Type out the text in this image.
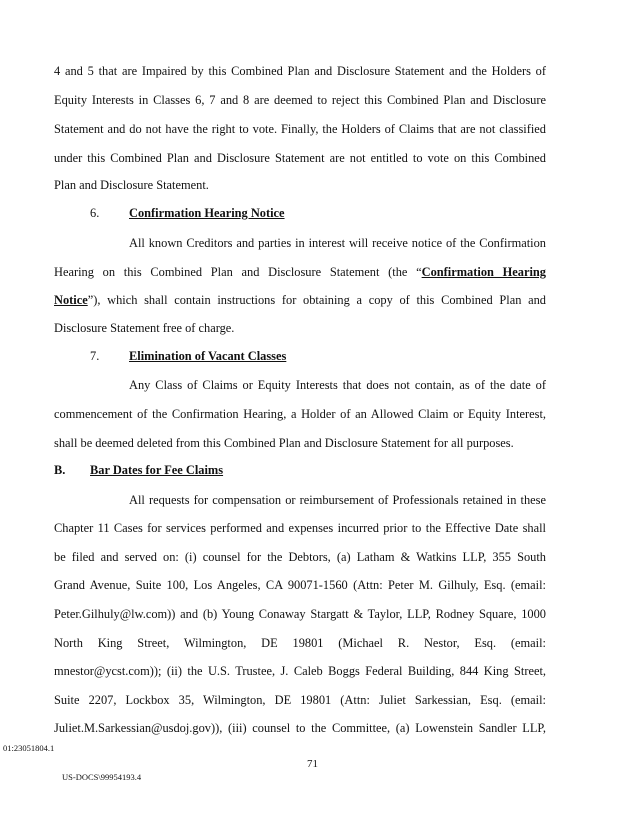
4 and 5 that are Impaired by this Combined Plan and Disclosure Statement and the Holders of
Equity Interests in Classes 6, 7 and 8 are deemed to reject this Combined Plan and Disclosure
Statement and do not have the right to vote. Finally, the Holders of Claims that are not classified
under this Combined Plan and Disclosure Statement are not entitled to vote on this Combined
Plan and Disclosure Statement.
6. Confirmation Hearing Notice
All known Creditors and parties in interest will receive notice of the Confirmation
Hearing on this Combined Plan and Disclosure Statement (the “Confirmation Hearing
Notice”), which shall contain instructions for obtaining a copy of this Combined Plan and
Disclosure Statement free of charge.
7. Elimination of Vacant Classes
Any Class of Claims or Equity Interests that does not contain, as of the date of
commencement of the Confirmation Hearing, a Holder of an Allowed Claim or Equity Interest,
shall be deemed deleted from this Combined Plan and Disclosure Statement for all purposes.
B. Bar Dates for Fee Claims
All requests for compensation or reimbursement of Professionals retained in these
Chapter 11 Cases for services performed and expenses incurred prior to the Effective Date shall
be filed and served on: (i) counsel for the Debtors, (a) Latham & Watkins LLP, 355 South
Grand Avenue, Suite 100, Los Angeles, CA 90071-1560 (Attn: Peter M. Gilhuly, Esq. (email:
Peter.Gilhuly@lw.com)) and (b) Young Conaway Stargatt & Taylor, LLP, Rodney Square, 1000
North King Street, Wilmington, DE 19801 (Michael R. Nestor, Esq. (email:
mnestor@ycst.com)); (ii) the U.S. Trustee, J. Caleb Boggs Federal Building, 844 King Street,
Suite 2207, Lockbox 35, Wilmington, DE 19801 (Attn: Juliet Sarkessian, Esq. (email:
Juliet.M.Sarkessian@usdoj.gov)), (iii) counsel to the Committee, (a) Lowenstein Sandler LLP,
01:23051804.1
71
US-DOCS\99954193.4
